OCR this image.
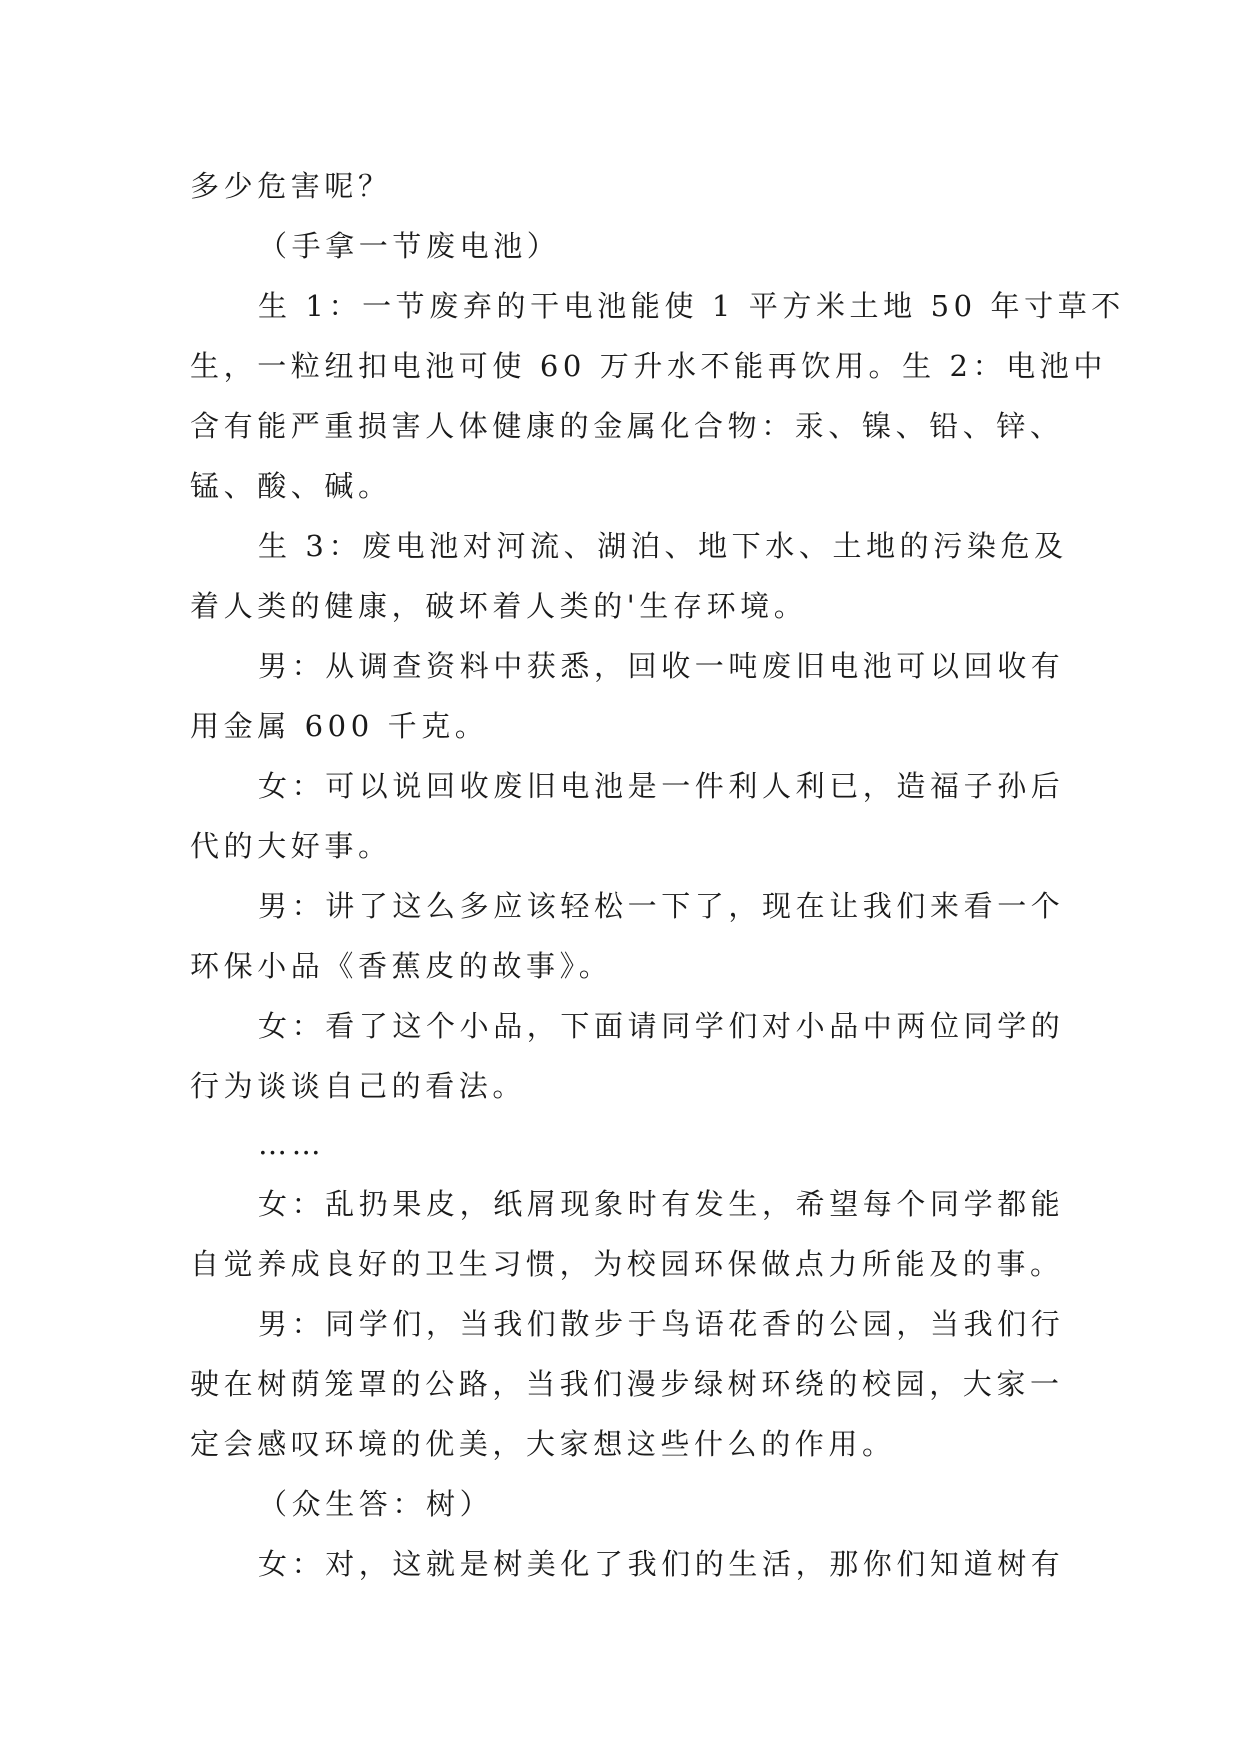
多少危害呢？
（手拿一节废电池）
生 1：一节废弃的干电池能使 1 平方米土地 50 年寸草不
生，一粒纽扣电池可使 60 万升水不能再饮用。生 2：电池中
含有能严重损害人体健康的金属化合物：汞、镍、铅、锌、
锰、酸、碱。
生 3：废电池对河流、湖泊、地下水、土地的污染危及
着人类的健康，破坏着人类的'生存环境。
男：从调查资料中获悉，回收一吨废旧电池可以回收有
用金属 600 千克。
女：可以说回收废旧电池是一件利人利已，造福子孙后
代的大好事。
男：讲了这么多应该轻松一下了，现在让我们来看一个
环保小品《香蕉皮的故事》。
女：看了这个小品，下面请同学们对小品中两位同学的
行为谈谈自己的看法。
……
女：乱扔果皮，纸屑现象时有发生，希望每个同学都能
自觉养成良好的卫生习惯，为校园环保做点力所能及的事。
男：同学们，当我们散步于鸟语花香的公园，当我们行
驶在树荫笼罩的公路，当我们漫步绿树环绕的校园，大家一
定会感叹环境的优美，大家想这些什么的作用。
（众生答：树）
女：对，这就是树美化了我们的生活，那你们知道树有
